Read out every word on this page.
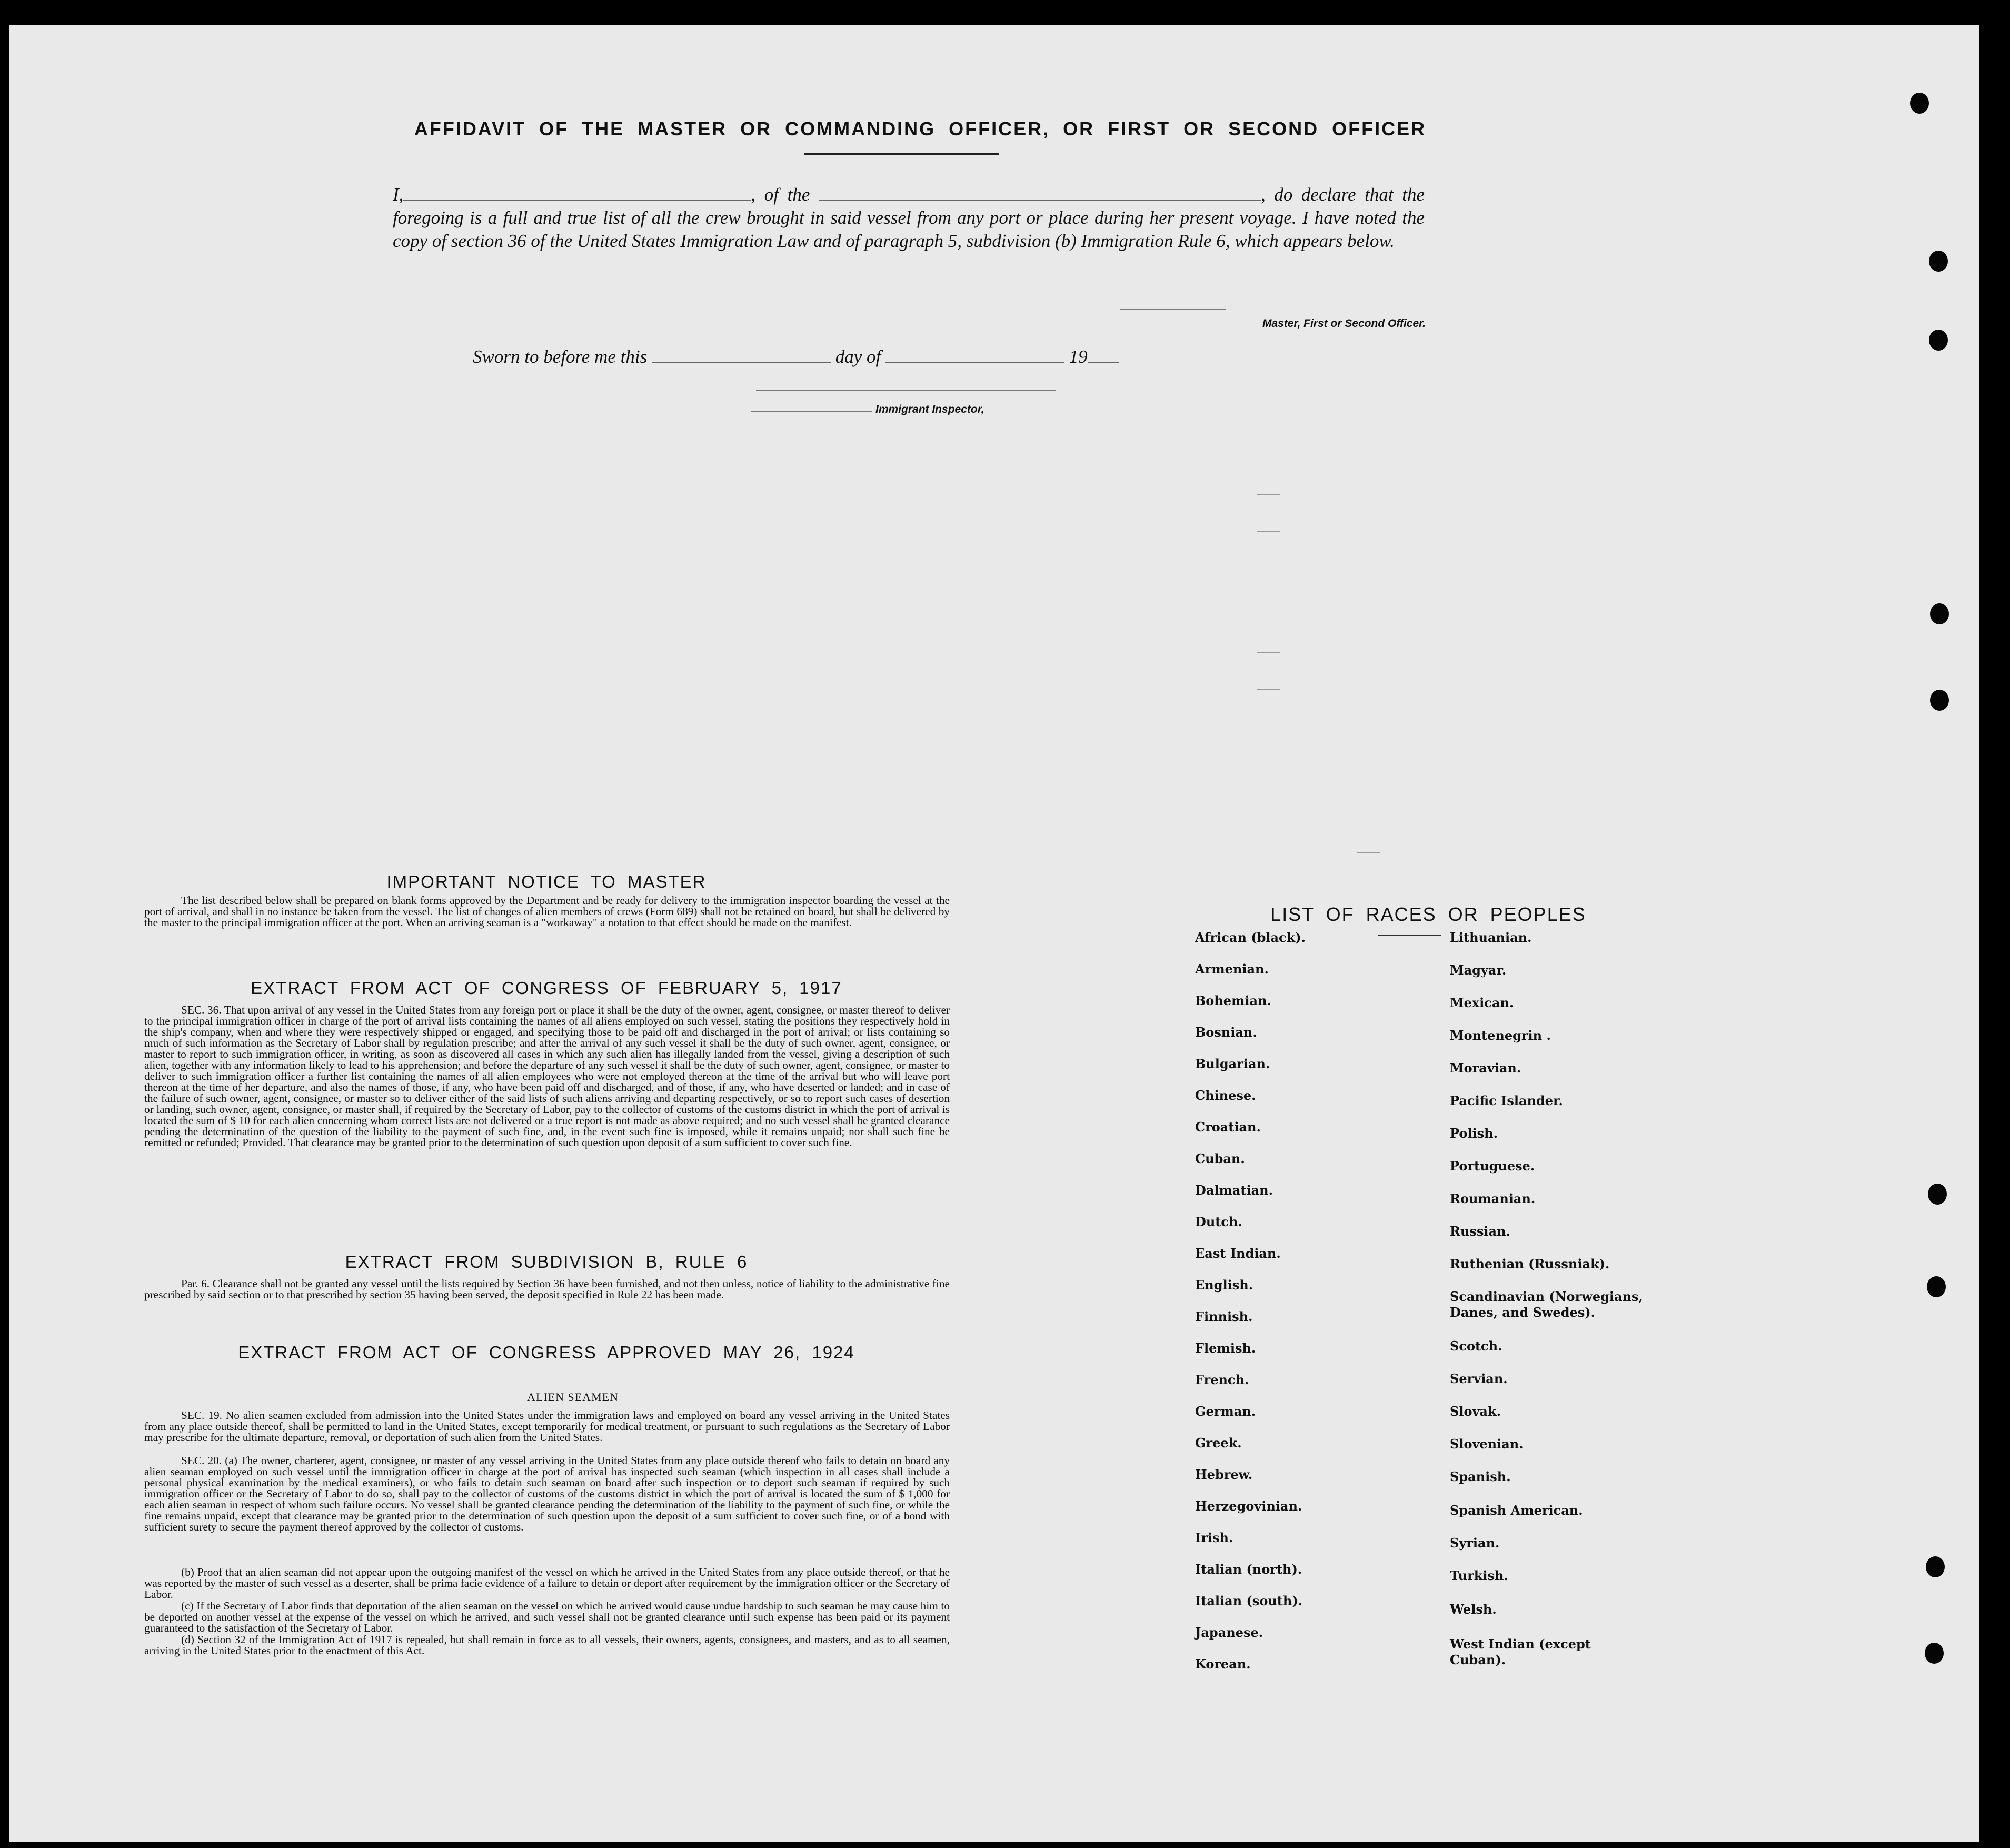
AFFIDAVIT OF THE MASTER OR COMMANDING OFFICER, OR FIRST OR SECOND OFFICER
I,	, of the	, do declare that the foregoing is a full and true list of all the crew brought in said vessel from any port or place during her present voyage. I have noted the copy of section 36 of the United States Immigration Law and of paragraph 5, subdivision (b) Immigration Rule 6, which appears below.
Master, First or Second Officer.
Sworn to before me this	day of	19
Immigrant Inspector,
IMPORTANT NOTICE TO MASTER

The list described below shall be prepared on blank forms approved by the Department and be ready for delivery to the immigration inspector boarding the vessel at the port of arrival, and shall in no instance be taken from the vessel. The list of changes of alien members of crews (Form 689) shall not be retained on board, but shall be delivered by the master to the principal immigration officer at the port. When an arriving seaman is a "workaway" a notation to that effect should be made on the manifest.

EXTRACT FROM ACT OF CONGRESS OF FEBRUARY 5, 1917

SEC. 36. That upon arrival of any vessel in the United States from any foreign port or place it shall be the duty of the owner, agent, consignee, or master thereof to deliver to the principal immigration officer in charge of the port of arrival lists containing the names of all aliens employed on such vessel, stating the positions they respectively hold in the ship's company, when and where they were respectively shipped or engaged, and specifying those to be paid off and discharged in the port of arrival; or lists containing so much of such information as the Secretary of Labor shall by regulation prescribe; and after the arrival of any such vessel it shall be the duty of such owner, agent, consignee, or master to report to such immigration officer, in writing, as soon as discovered all cases in which any such alien has illegally landed from the vessel, giving a description of such alien, together with any information likely to lead to his apprehension; and before the departure of any such vessel it shall be the duty of such owner, agent, consignee, or master to deliver to such immigration officer a further list containing the names of all alien employees who were not employed thereon at the time of the arrival but who will leave port thereon at the time of her departure, and also the names of those, if any, who have been paid off and discharged, and of those, if any, who have deserted or landed; and in case of the failure of such owner, agent, consignee, or master so to deliver either of the said lists of such aliens arriving and departing respectively, or so to report such cases of desertion or landing, such owner, agent, consignee, or master shall, if required by the Secretary of Labor, pay to the collector of customs of the customs district in which the port of arrival is located the sum of $ 10 for each alien concerning whom correct lists are not delivered or a true report is not made as above required; and no such vessel shall be granted clearance pending the determination of the question of the liability to the payment of such fine, and, in the event such fine is imposed, while it remains unpaid; nor shall such fine be remitted or refunded; Provided. That clearance may be granted prior to the determination of such question upon deposit of a sum sufficient to cover such fine.

EXTRACT FROM SUBDIVISION B, RULE 6

Par. 6. Clearance shall not be granted any vessel until the lists required by Section 36 have been furnished, and not then unless, notice of liability to the administrative fine prescribed by said section or to that prescribed by section 35 having been served, the deposit specified in Rule 22 has been made.

EXTRACT FROM ACT OF CONGRESS APPROVED MAY 26, 1924
ALIEN SEAMEN

SEC. 19. No alien seamen excluded from admission into the United States under the immigration laws and employed on board any vessel arriving in the United States from any place outside thereof, shall be permitted to land in the United States, except temporarily for medical treatment, or pursuant to such regulations as the Secretary of Labor may prescribe for the ultimate departure, removal, or deportation of such alien from the United States.

SEC. 20. (a) The owner, charterer, agent, consignee, or master of any vessel arriving in the United States from any place outside thereof who fails to detain on board any alien seaman employed on such vessel until the immigration officer in charge at the port of arrival has inspected such seaman (which inspection in all cases shall include a personal physical examination by the medical examiners), or who fails to detain such seaman on board after such inspection or to deport such seaman if required by such immigration officer or the Secretary of Labor to do so, shall pay to the collector of customs of the customs district in which the port of arrival is located the sum of $ 1,000 for each alien seaman in respect of whom such failure occurs. No vessel shall be granted clearance pending the determination of the liability to the payment of such fine, or while the fine remains unpaid, except that clearance may be granted prior to the determination of such question upon the deposit of a sum sufficient to cover such fine, or of a bond with sufficient surety to secure the payment thereof approved by the collector of customs.

(b) Proof that an alien seaman did not appear upon the outgoing manifest of the vessel on which he arrived in the United States from any place outside thereof, or that he was reported by the master of such vessel as a deserter, shall be prima facie evidence of a failure to detain or deport after requirement by the immigration officer or the Secretary of Labor.

(c) If the Secretary of Labor finds that deportation of the alien seaman on the vessel on which he arrived would cause undue hardship to such seaman he may cause him to be deported on another vessel at the expense of the vessel on which he arrived, and such vessel shall not be granted clearance until such expense has been paid or its payment guaranteed to the satisfaction of the Secretary of Labor.

(d) Section 32 of the Immigration Act of 1917 is repealed, but shall remain in force as to all vessels, their owners, agents, consignees, and masters, and as to all seamen, arriving in the United States prior to the enactment of this Act.

LIST OF RACES OR PEOPLES
African (black).
Armenian.
Bohemian.
Bosnian.
Bulgarian.
Chinese.
Croatian.
Cuban.
Dalmatian.
Dutch.
East Indian.
English.
Finnish.
Flemish.
French.
German.
Greek.
Hebrew.
Herzegovinian.
Irish.
Italian (north).
Italian (south).
Japanese.
Korean.
Lithuanian.
Magyar.
Mexican.
Montenegrin .
Moravian.
Pacific Islander.
Polish.
Portuguese.
Roumanian.
Russian.
Ruthenian (Russniak).
Scandinavian (Norwegians, Danes, and Swedes).
Scotch.
Servian.
Slovak.
Slovenian.
Spanish.
Spanish American.
Syrian.
Turkish.
Welsh.
West Indian (except Cuban).
